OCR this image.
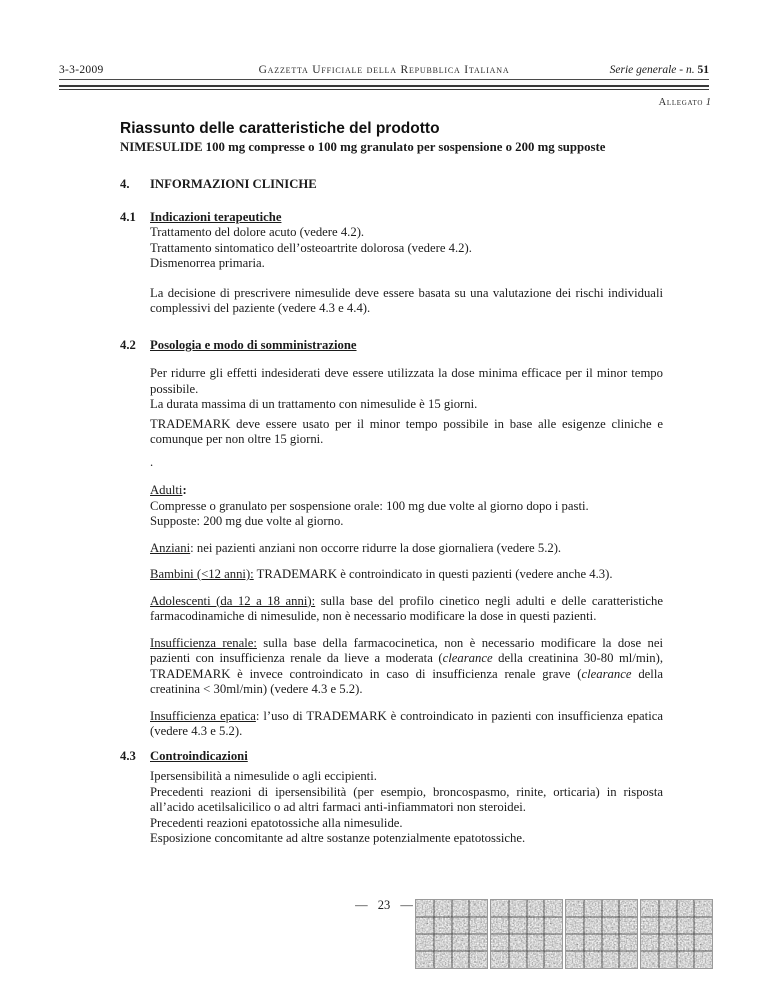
3-3-2009	Gazzetta Ufficiale della Repubblica Italiana	Serie generale - n. 51
Allegato 1
Riassunto delle caratteristiche del prodotto
NIMESULIDE 100 mg compresse o 100 mg granulato per sospensione o 200 mg supposte
4.	INFORMAZIONI CLINICHE
4.1	Indicazioni terapeutiche
Trattamento del dolore acuto (vedere 4.2).
Trattamento sintomatico dell’osteoartrite dolorosa (vedere 4.2).
Dismenorrea primaria.

La decisione di prescrivere nimesulide deve essere basata su una valutazione dei rischi individuali complessivi del paziente (vedere 4.3 e 4.4).

4.2	Posologia e modo di somministrazione

Per ridurre gli effetti indesiderati deve essere utilizzata la dose minima efficace per il minor tempo possibile.

La durata massima di un trattamento con nimesulide è 15 giorni.

TRADEMARK deve essere usato per il minor tempo possibile in base alle esigenze cliniche e comunque per non oltre 15 giorni.

.
Adulti:
Compresse o granulato per sospensione orale: 100 mg due volte al giorno dopo i pasti.
Supposte: 200 mg due volte al giorno.

Anziani: nei pazienti anziani non occorre ridurre la dose giornaliera (vedere 5.2).

Bambini (<12 anni): TRADEMARK è controindicato in questi pazienti (vedere anche 4.3).

Adolescenti (da 12 a 18 anni): sulla base del profilo cinetico negli adulti e delle caratteristiche farmacodinamiche di nimesulide, non è necessario modificare la dose in questi pazienti.

Insufficienza renale: sulla base della farmacocinetica, non è necessario modificare la dose nei pazienti con insufficienza renale da lieve a moderata (clearance della creatinina 30-80 ml/min), TRADEMARK è invece controindicato in caso di insufficienza renale grave (clearance della creatinina < 30ml/min) (vedere 4.3 e 5.2).

Insufficienza epatica: l’uso di TRADEMARK è controindicato in pazienti con insufficienza epatica (vedere 4.3 e 5.2).

4.3	Controindicazioni
Ipersensibilità a nimesulide o agli eccipienti.
Precedenti reazioni di ipersensibilità (per esempio, broncospasmo, rinite, orticaria) in risposta all’acido acetilsalicilico o ad altri farmaci anti-infiammatori non steroidei.
Precedenti reazioni epatotossiche alla nimesulide.
Esposizione concomitante ad altre sostanze potenzialmente epatotossiche.
— 23 —
